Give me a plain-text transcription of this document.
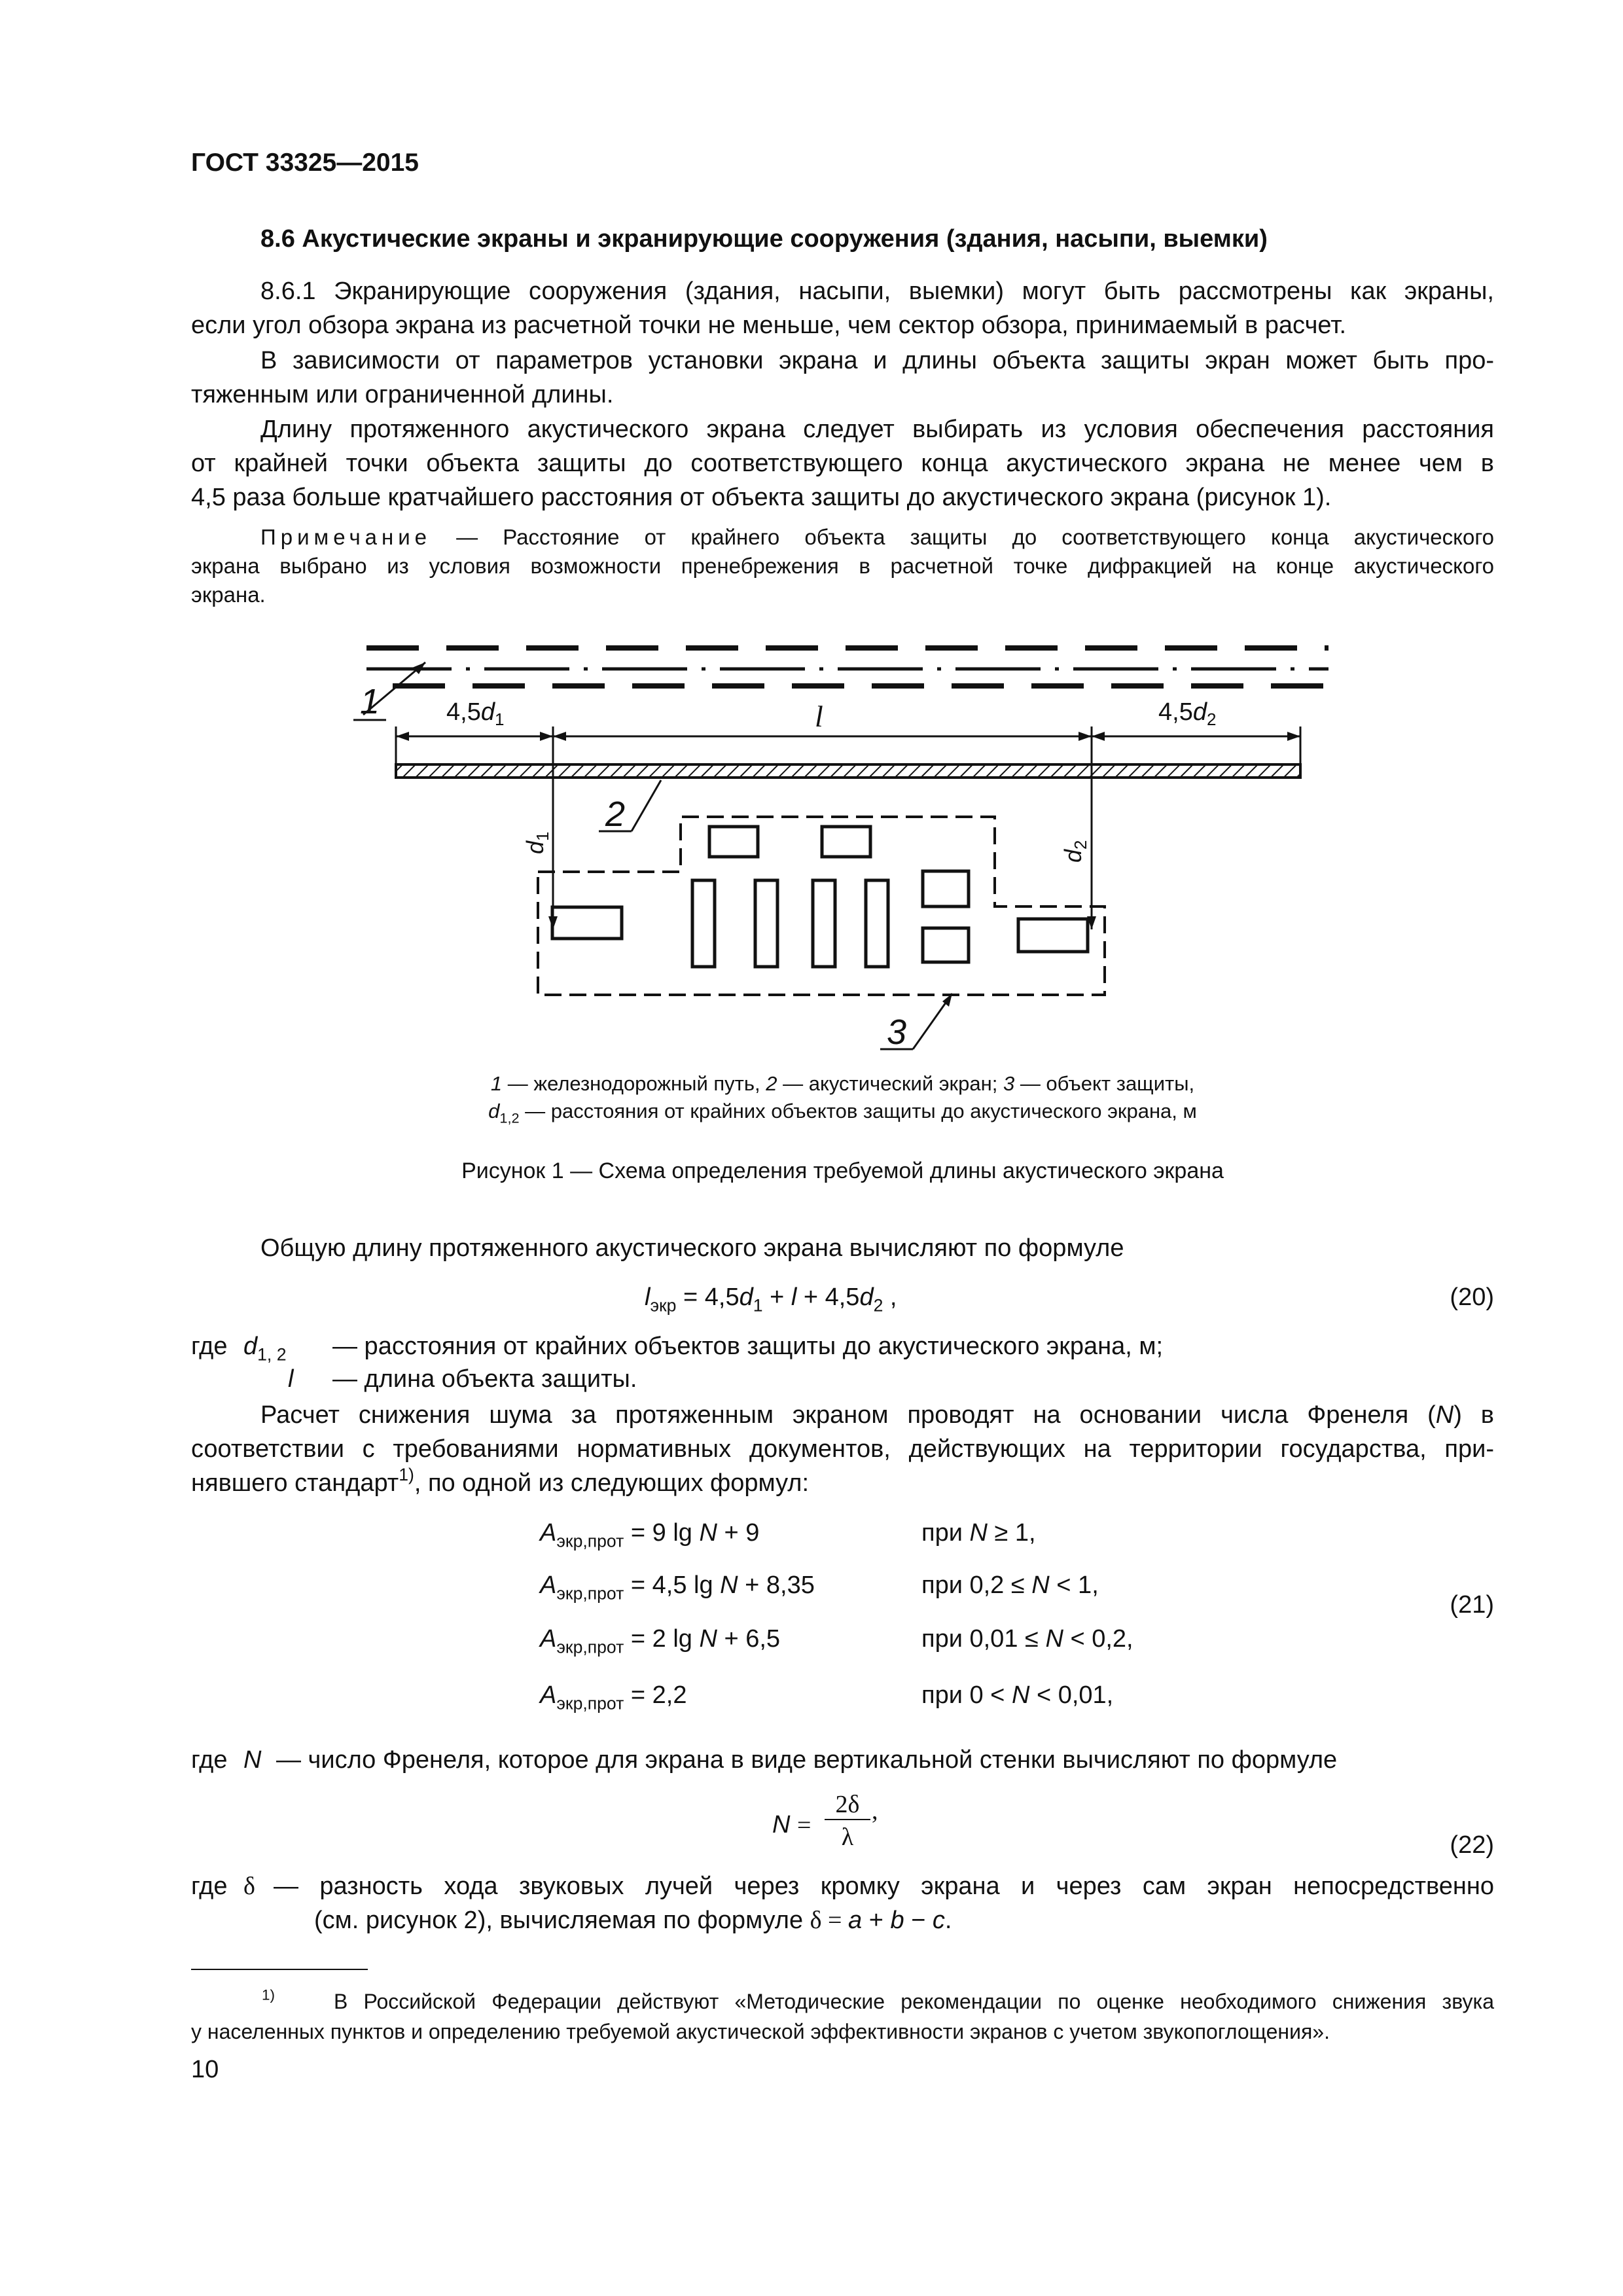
ГОСТ 33325—2015
8.6 Акустические экраны и экранирующие сооружения (здания, насыпи, выемки)
8.6.1 Экранирующие сооружения (здания, насыпи, выемки) могут быть рассмотрены как экраны,
если угол обзора экрана из расчетной точки не меньше, чем сектор обзора, принимаемый в расчет.
В зависимости от параметров установки экрана и длины объекта защиты экран может быть про-
тяженным или ограниченной длины.
Длину протяженного акустического экрана следует выбирать из условия обеспечения расстояния
от крайней точки объекта защиты до соответствующего конца акустического экрана не менее чем в
4,5 раза больше кратчайшего расстояния от объекта защиты до акустического экрана (рисунок 1).
Примечание — Расстояние от крайнего объекта защиты до соответствующего конца акустического
экрана выбрано из условия возможности пренебрежения в расчетной точке дифракцией на конце акустического
экрана.
1	$4,5d_1$	l	$4,5d_2$
$d_1$
$d_2$
2
3
1 — железнодорожный путь, 2 — акустический экран; 3 — объект защиты,
$d_{1,2}$ — расстояния от крайних объектов защиты до акустического экрана, м
Рисунок 1 — Схема определения требуемой длины акустического экрана
Общую длину протяженного акустического экрана вычисляют по формуле
$l_{экр} = 4,5d_1 + l + 4,5d_2$ ,	(20)
где $d_{1, 2}$ — расстояния от крайних объектов защиты до акустического экрана, м;
l — длина объекта защиты.
Расчет снижения шума за протяженным экраном проводят на основании числа Френеля (N) в
соответствии с требованиями нормативных документов, действующих на территории государства, при-
нявшего стандарт$^{1)}$, по одной из следующих формул:
$A_{экр,прот} = 9$ lg N + 9	при N ≥ 1,
$A_{экр,прот} = 4,5$ lg N + 8,35	при 0,2 ≤ N < 1,
$A_{экр,прот} = 2$ lg N + 6,5	при 0,01 ≤ N < 0,2,
$A_{экр,прот} = 2,2$	при 0 < N < 0,01,
(21)
где N — число Френеля, которое для экрана в виде вертикальной стенки вычисляют по формуле
N =
2δ
λ
,
(22)
где δ — разность хода звуковых лучей через кромку экрана и через сам экран непосредственно
(см. рисунок 2), вычисляемая по формуле δ = a + b − c.
$^{1)}$	В Российской Федерации действуют «Методические рекомендации по оценке необходимого снижения звука
у населенных пунктов и определению требуемой акустической эффективности экранов с учетом звукопоглощения».
10
